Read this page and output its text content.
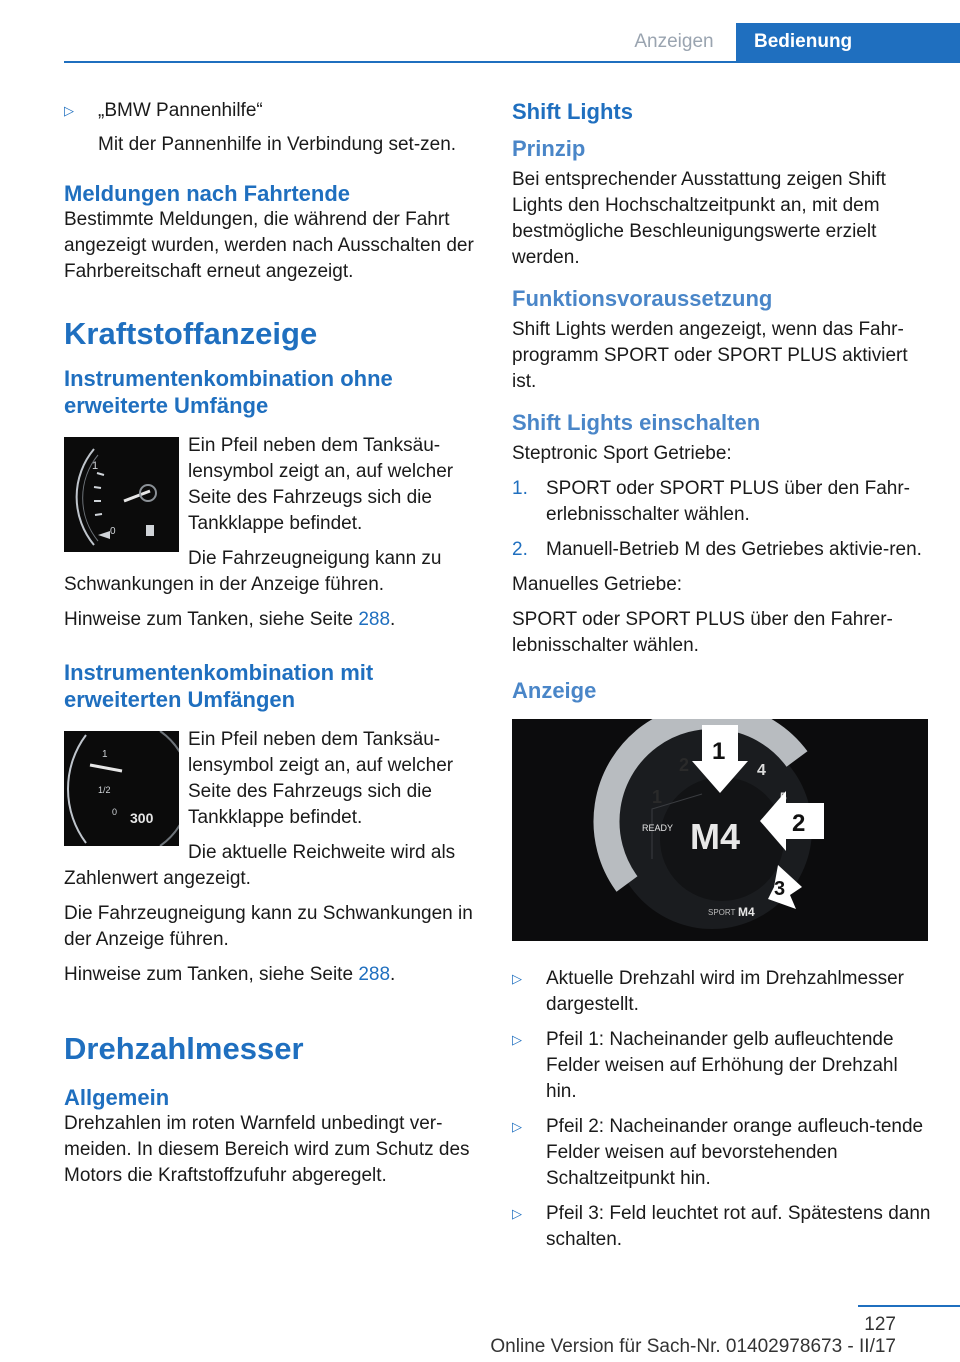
Anzeigen	Bedienung
▷	„BMW Pannenhilfe“

Mit der Pannenhilfe in Verbindung set-zen.
Meldungen nach Fahrtende

Bestimmte Meldungen, die während der Fahrt angezeigt wurden, werden nach Ausschalten der Fahrbereitschaft erneut angezeigt.

Kraftstoffanzeige
Instrumentenkombination ohne erweiterte Umfänge
1
0

Ein Pfeil neben dem Tanksäu-lensymbol zeigt an, auf welcher Seite des Fahrzeugs sich die Tankklappe befindet.

Die Fahrzeugneigung kann zu Schwankungen in der Anzeige führen.

Hinweise zum Tanken, siehe Seite 288.

Instrumentenkombination mit erweiterten Umfängen
1
1/2
0 300

Ein Pfeil neben dem Tanksäu-lensymbol zeigt an, auf welcher Seite des Fahrzeugs sich die Tankklappe befindet.

Die aktuelle Reichweite wird als Zahlenwert angezeigt.

Die Fahrzeugneigung kann zu Schwankungen in der Anzeige führen.

Hinweise zum Tanken, siehe Seite 288.

Drehzahlmesser
Allgemein

Drehzahlen im roten Warnfeld unbedingt ver-meiden. In diesem Bereich wird zum Schutz des Motors die Kraftstoffzufuhr abgeregelt.

Shift Lights
Prinzip

Bei entsprechender Ausstattung zeigen Shift Lights den Hochschaltzeitpunkt an, mit dem bestmögliche Beschleunigungswerte erzielt werden.

Funktionsvoraussetzung

Shift Lights werden angezeigt, wenn das Fahr-programm SPORT oder SPORT PLUS aktiviert ist.

Shift Lights einschalten

Steptronic Sport Getriebe:

1. SPORT oder SPORT PLUS über den Fahr-erlebnisschalter wählen.
2. Manuell-Betrieb M des Getriebes aktivie-ren.

Manuelles Getriebe:

SPORT oder SPORT PLUS über den Fahrer-lebnisschalter wählen.

Anzeige
M4
READY
1
2	4
1
2
3
SPORT M4
▷	Aktuelle Drehzahl wird im Drehzahlmesser dargestellt.
▷	Pfeil 1: Nacheinander gelb aufleuchtende Felder weisen auf Erhöhung der Drehzahl hin.
▷	Pfeil 2: Nacheinander orange aufleuch-tende Felder weisen auf bevorstehenden Schaltzeitpunkt hin.
▷	Pfeil 3: Feld leuchtet rot auf. Spätestens dann schalten.
127
Online Version für Sach-Nr. 01402978673 - II/17
